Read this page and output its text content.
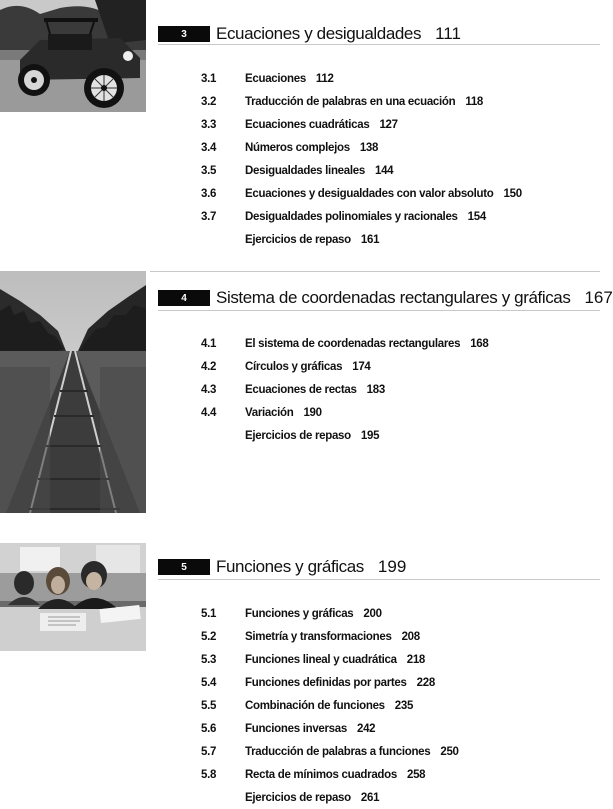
3	Ecuaciones y desigualdades 111
3.1	Ecuaciones 112
3.2	Traducción de palabras en una ecuación 118
3.3	Ecuaciones cuadráticas 127
3.4	Números complejos 138
3.5	Desigualdades lineales 144
3.6	Ecuaciones y desigualdades con valor absoluto 150
3.7	Desigualdades polinomiales y racionales 154
Ejercicios de repaso 161
4	Sistema de coordenadas rectangulares y gráficas 167
4.1	El sistema de coordenadas rectangulares 168
4.2	Círculos y gráficas 174
4.3	Ecuaciones de rectas 183
4.4	Variación 190
Ejercicios de repaso 195
5	Funciones y gráficas 199
5.1	Funciones y gráficas 200
5.2	Simetría y transformaciones 208
5.3	Funciones lineal y cuadrática 218
5.4	Funciones definidas por partes 228
5.5	Combinación de funciones 235
5.6	Funciones inversas 242
5.7	Traducción de palabras a funciones 250
5.8	Recta de mínimos cuadrados 258
Ejercicios de repaso 261
